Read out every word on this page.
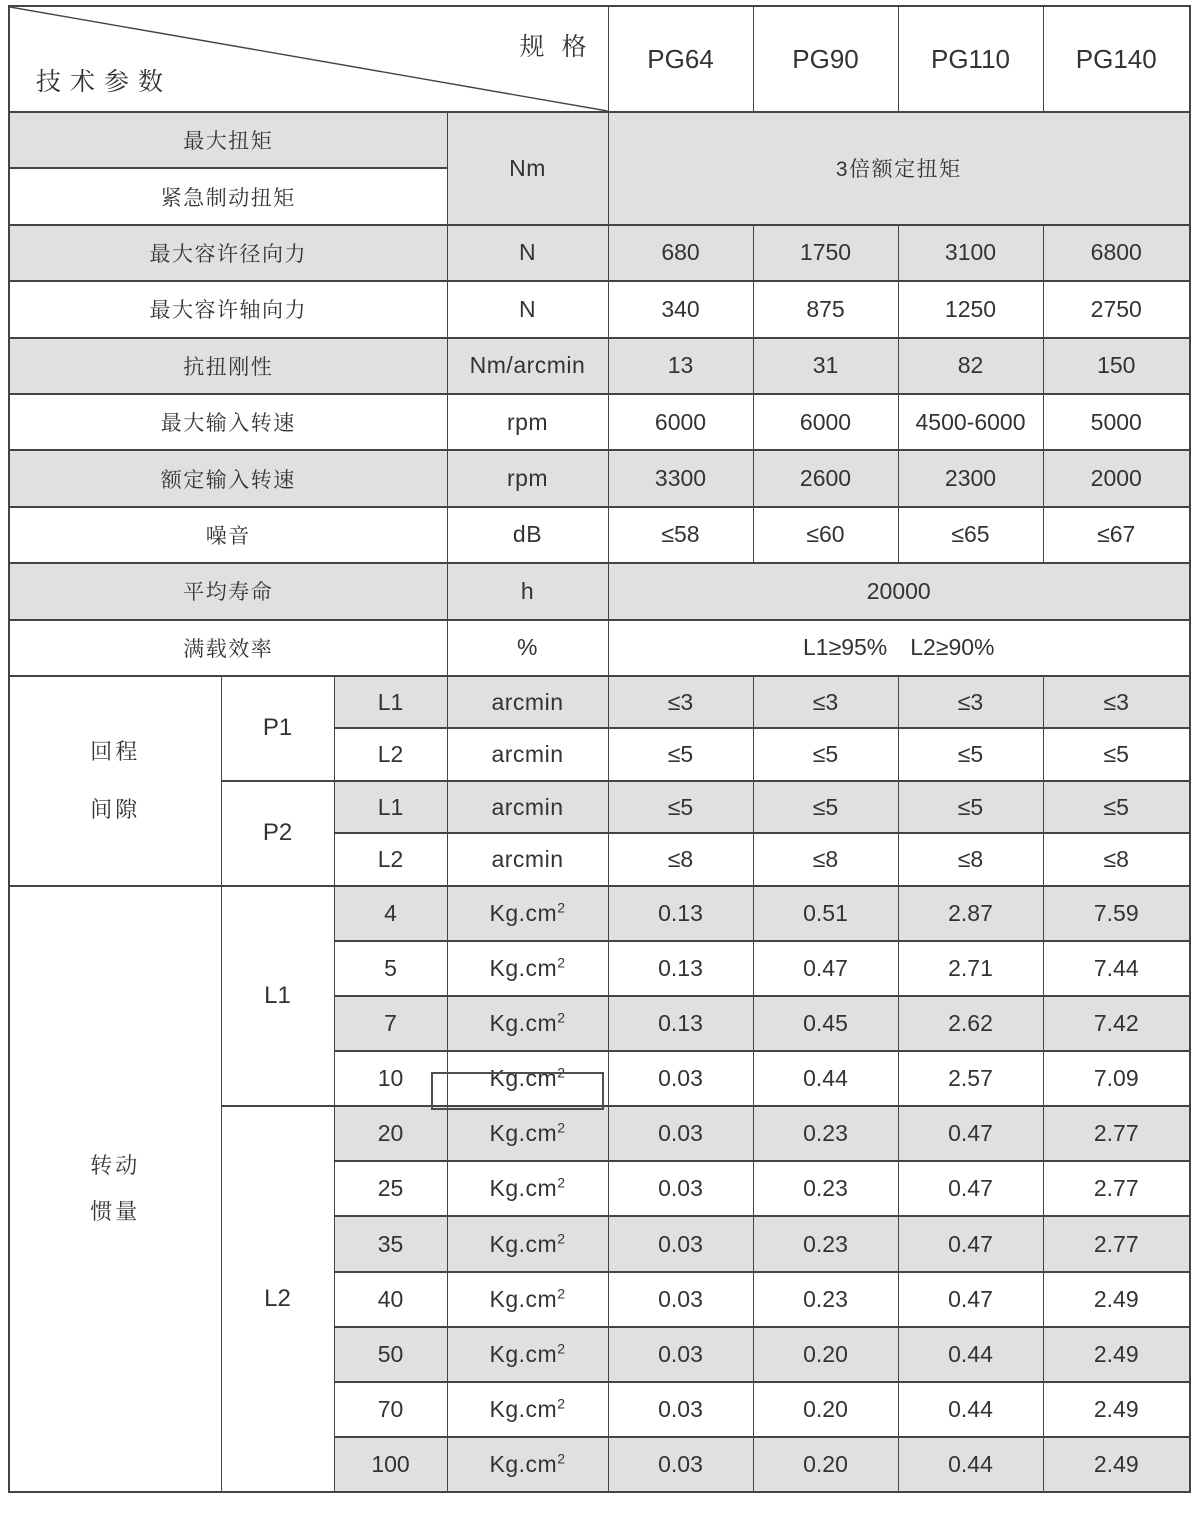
规 格
技术参数				PG64	PG90	PG110	PG140
最大扭矩			Nm	3倍额定扭矩			
紧急制动扭矩							
最大容许径向力			N	680	1750	3100	6800
最大容许轴向力			N	340	875	1250	2750
抗扭刚性			Nm/arcmin	13	31	82	150
最大输入转速			rpm	6000	6000	4500-6000	5000
额定输入转速			rpm	3300	2600	2300	2000
噪音			dB	≤58	≤60	≤65	≤67
平均寿命			h	20000			
满载效率			%	L1≥95%  L2≥90%			

回程
间隙	P1	L1	arcmin	≤3	≤3	≤3	≤3
		L2	arcmin	≤5	≤5	≤5	≤5
	P2	L1	arcmin	≤5	≤5	≤5	≤5
		L2	arcmin	≤8	≤8	≤8	≤8

转动
惯量	L1	4	$Kg.cm^2$	0.13	0.51	2.87	7.59
		5	$Kg.cm^2$	0.13	0.47	2.71	7.44
		7	$Kg.cm^2$	0.13	0.45	2.62	7.42
		10	$Kg.cm^2$	0.03	0.44	2.57	7.09
	L2	20	$Kg.cm^2$	0.03	0.23	0.47	2.77
		25	$Kg.cm^2$	0.03	0.23	0.47	2.77
		35	$Kg.cm^2$	0.03	0.23	0.47	2.77
		40	$Kg.cm^2$	0.03	0.23	0.47	2.49
		50	$Kg.cm^2$	0.03	0.20	0.44	2.49
		70	$Kg.cm^2$	0.03	0.20	0.44	2.49
		100	$Kg.cm^2$	0.03	0.20	0.44	2.49
